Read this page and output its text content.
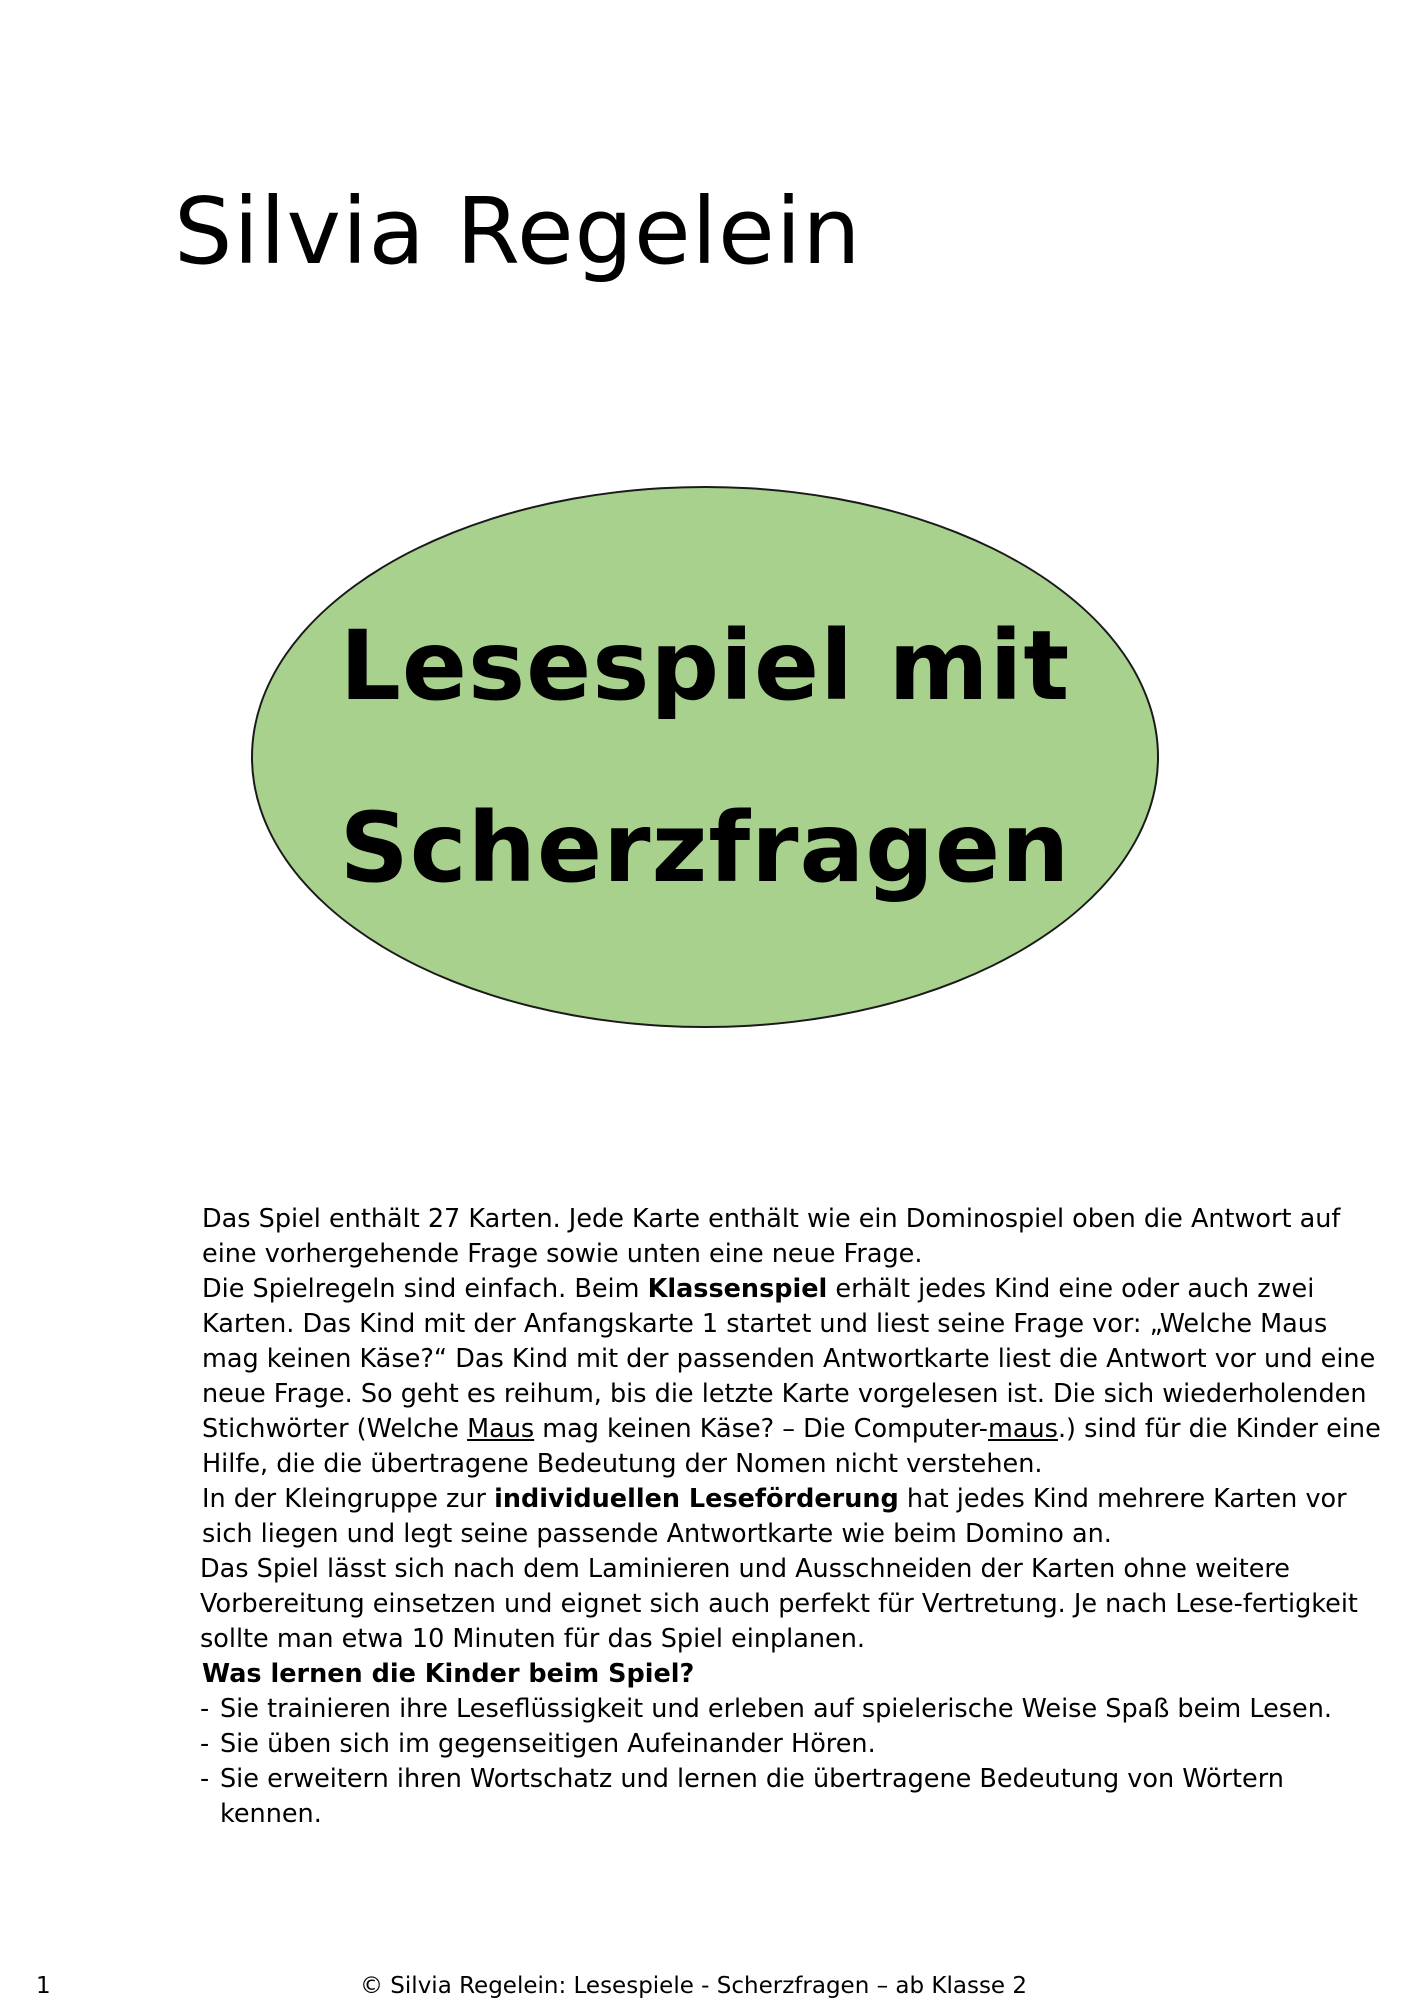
Silvia Regelein
Lesespiel mit
Scherzfragen

Das Spiel enthält 27 Karten. Jede Karte enthält wie ein Dominospiel oben die Antwort auf eine vorhergehende Frage sowie unten eine neue Frage.

Die Spielregeln sind einfach. Beim Klassenspiel erhält jedes Kind eine oder auch zwei Karten. Das Kind mit der Anfangskarte 1 startet und liest seine Frage vor: „Welche Maus mag keinen Käse?“ Das Kind mit der passenden Antwortkarte liest die Antwort vor und eine neue Frage. So geht es reihum, bis die letzte Karte vorgelesen ist. Die sich wiederholenden Stichwörter (Welche Maus mag keinen Käse? – Die Computer-maus.) sind für die Kinder eine Hilfe, die die übertragene Bedeutung der Nomen nicht verstehen.

In der Kleingruppe zur individuellen Leseförderung hat jedes Kind mehrere Karten vor sich liegen und legt seine passende Antwortkarte wie beim Domino an.

Das Spiel lässt sich nach dem Laminieren und Ausschneiden der Karten ohne weitere Vorbereitung einsetzen und eignet sich auch perfekt für Vertretung. Je nach Lese-fertigkeit sollte man etwa 10 Minuten für das Spiel einplanen.

Was lernen die Kinder beim Spiel?

- Sie trainieren ihre Leseflüssigkeit und erleben auf spielerische Weise Spaß beim Lesen.
- Sie üben sich im gegenseitigen Aufeinander Hören.
- Sie erweitern ihren Wortschatz und lernen die übertragene Bedeutung von Wörtern kennen.
1	© Silvia Regelein: Lesespiele - Scherzfragen – ab Klasse 2
